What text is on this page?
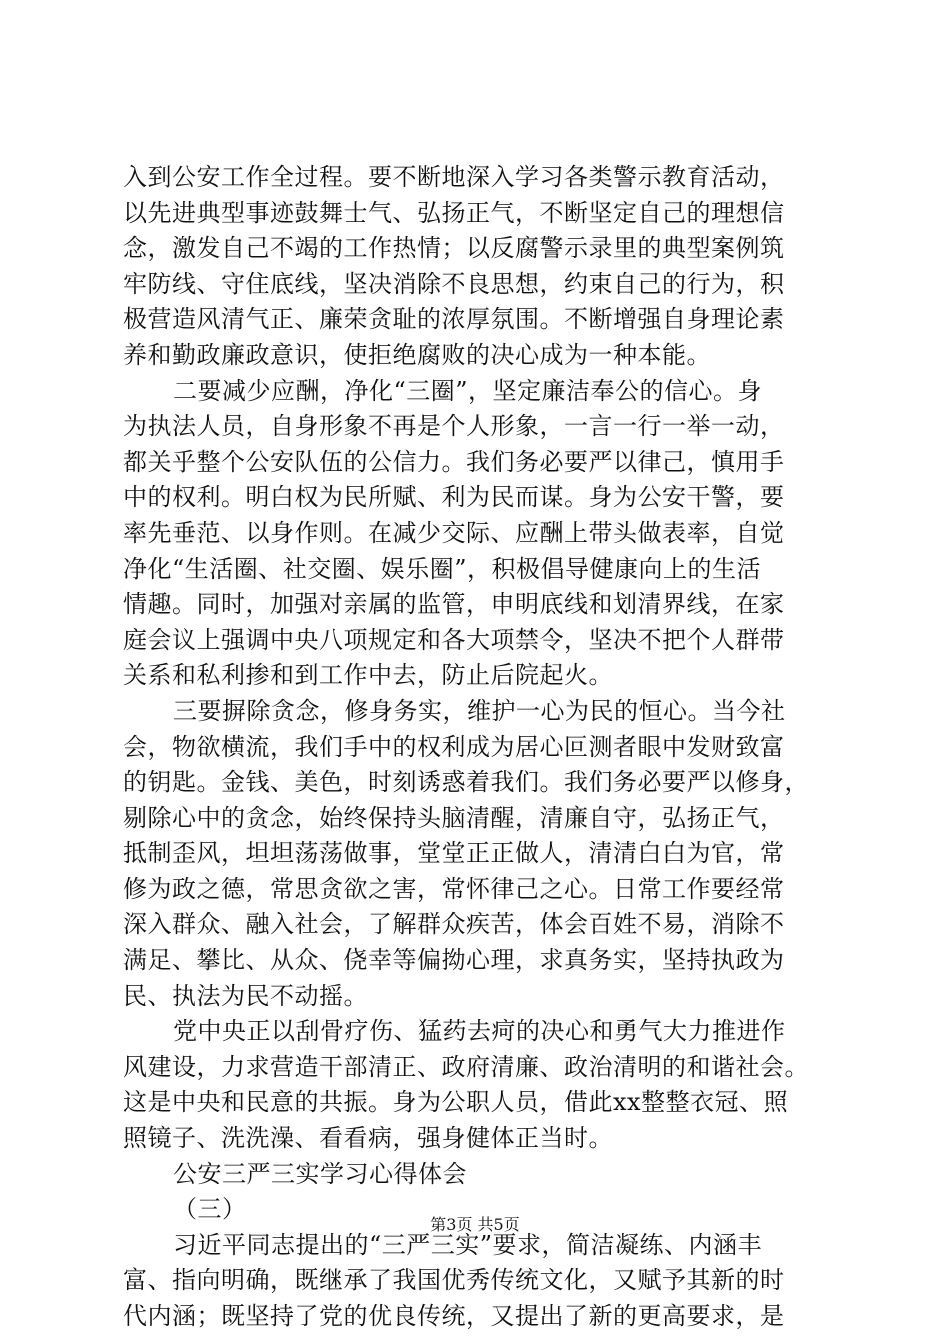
入到公安工作全过程。要不断地深入学习各类警示教育活动，
以先进典型事迹鼓舞士气、弘扬正气，不断坚定自己的理想信
念，激发自己不竭的工作热情；以反腐警示录里的典型案例筑
牢防线、守住底线，坚决消除不良思想，约束自己的行为，积
极营造风清气正、廉荣贪耻的浓厚氛围。不断增强自身理论素
养和勤政廉政意识，使拒绝腐败的决心成为一种本能。
二要减少应酬，净化“三圈”，坚定廉洁奉公的信心。身
为执法人员，自身形象不再是个人形象，一言一行一举一动，
都关乎整个公安队伍的公信力。我们务必要严以律己，慎用手
中的权利。明白权为民所赋、利为民而谋。身为公安干警，要
率先垂范、以身作则。在减少交际、应酬上带头做表率，自觉
净化“生活圈、社交圈、娱乐圈”，积极倡导健康向上的生活
情趣。同时，加强对亲属的监管，申明底线和划清界线，在家
庭会议上强调中央八项规定和各大项禁令，坚决不把个人群带
关系和私利掺和到工作中去，防止后院起火。
三要摒除贪念，修身务实，维护一心为民的恒心。当今社
会，物欲横流，我们手中的权利成为居心叵测者眼中发财致富
的钥匙。金钱、美色，时刻诱惑着我们。我们务必要严以修身，
剔除心中的贪念，始终保持头脑清醒，清廉自守，弘扬正气，
抵制歪风，坦坦荡荡做事，堂堂正正做人，清清白白为官，常
修为政之德，常思贪欲之害，常怀律己之心。日常工作要经常
深入群众、融入社会，了解群众疾苦，体会百姓不易，消除不
满足、攀比、从众、侥幸等偏拗心理，求真务实，坚持执政为
民、执法为民不动摇。
党中央正以刮骨疗伤、猛药去疴的决心和勇气大力推进作
风建设，力求营造干部清正、政府清廉、政治清明的和谐社会。
这是中央和民意的共振。身为公职人员，借此xx整整衣冠、照
照镜子、洗洗澡、看看病，强身健体正当时。
公安三严三实学习心得体会
（三）
习近平同志提出的“三严三实”要求，简洁凝练、内涵丰
富、指向明确，既继承了我国优秀传统文化，又赋予其新的时
代内涵；既坚持了党的优良传统，又提出了新的更高要求，是
第3页 共5页
